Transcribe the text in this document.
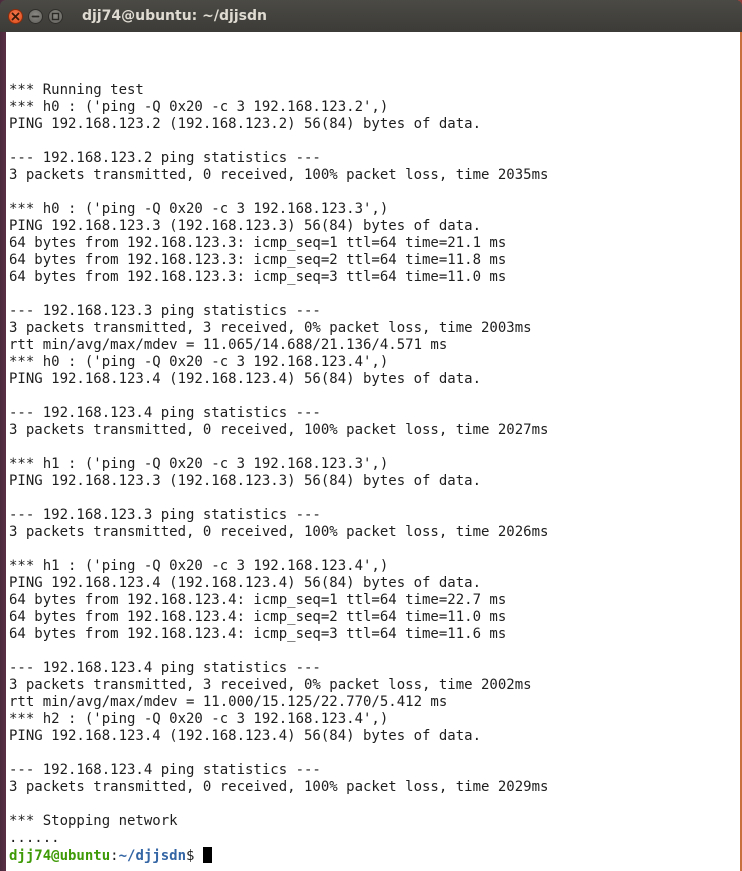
djj74@ubuntu: ~/djjsdn
*** Running test
*** h0 : ('ping -Q 0x20 -c 3 192.168.123.2',)
PING 192.168.123.2 (192.168.123.2) 56(84) bytes of data.
--- 192.168.123.2 ping statistics ---
3 packets transmitted, 0 received, 100% packet loss, time 2035ms
*** h0 : ('ping -Q 0x20 -c 3 192.168.123.3',)
PING 192.168.123.3 (192.168.123.3) 56(84) bytes of data.
64 bytes from 192.168.123.3: icmp_seq=1 ttl=64 time=21.1 ms
64 bytes from 192.168.123.3: icmp_seq=2 ttl=64 time=11.8 ms
64 bytes from 192.168.123.3: icmp_seq=3 ttl=64 time=11.0 ms
--- 192.168.123.3 ping statistics ---
3 packets transmitted, 3 received, 0% packet loss, time 2003ms
rtt min/avg/max/mdev = 11.065/14.688/21.136/4.571 ms
*** h0 : ('ping -Q 0x20 -c 3 192.168.123.4',)
PING 192.168.123.4 (192.168.123.4) 56(84) bytes of data.
--- 192.168.123.4 ping statistics ---
3 packets transmitted, 0 received, 100% packet loss, time 2027ms
*** h1 : ('ping -Q 0x20 -c 3 192.168.123.3',)
PING 192.168.123.3 (192.168.123.3) 56(84) bytes of data.
--- 192.168.123.3 ping statistics ---
3 packets transmitted, 0 received, 100% packet loss, time 2026ms
*** h1 : ('ping -Q 0x20 -c 3 192.168.123.4',)
PING 192.168.123.4 (192.168.123.4) 56(84) bytes of data.
64 bytes from 192.168.123.4: icmp_seq=1 ttl=64 time=22.7 ms
64 bytes from 192.168.123.4: icmp_seq=2 ttl=64 time=11.0 ms
64 bytes from 192.168.123.4: icmp_seq=3 ttl=64 time=11.6 ms
--- 192.168.123.4 ping statistics ---
3 packets transmitted, 3 received, 0% packet loss, time 2002ms
rtt min/avg/max/mdev = 11.000/15.125/22.770/5.412 ms
*** h2 : ('ping -Q 0x20 -c 3 192.168.123.4',)
PING 192.168.123.4 (192.168.123.4) 56(84) bytes of data.
--- 192.168.123.4 ping statistics ---
3 packets transmitted, 0 received, 100% packet loss, time 2029ms
*** Stopping network
......
djj74@ubuntu:~/djjsdn$
